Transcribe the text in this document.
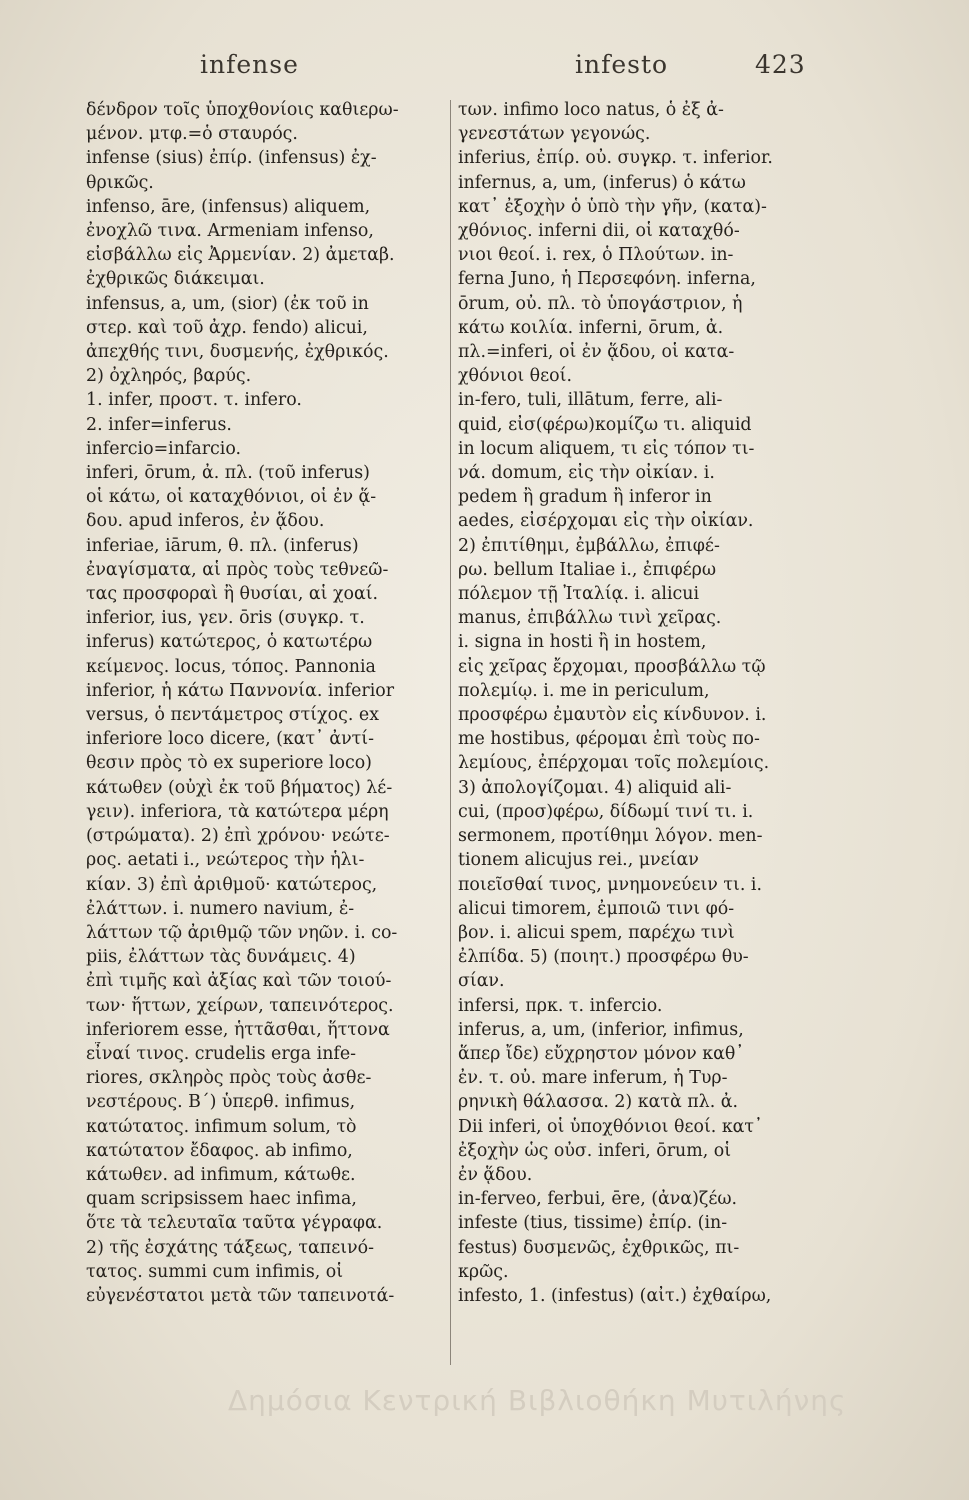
infense	infesto	423
δένδρον τοῖς ὑποχθονίοις καθιερω-
μένον. μτφ.=ὁ σταυρός.
infense (sius) ἐπίρ. (infensus) ἐχ-
θρικῶς.
infenso, āre, (infensus) aliquem,
ἐνοχλῶ τινα. Armeniam infenso,
εἰσβάλλω εἰς Ἀρμενίαν. 2) ἀμεταβ.
ἐχθρικῶς διάκειμαι.
infensus, a, um, (sior) (ἐκ τοῦ in
στερ. καὶ τοῦ ἀχρ. fendo) alicui,
ἀπεχθής τινι, δυσμενής, ἐχθρικός.
2) ὀχληρός, βαρύς.
1. infer, προστ. τ. infero.
2. infer=inferus.
infercio=infarcio.
inferi, ōrum, ἀ. πλ. (τοῦ inferus)
οἱ κάτω, οἱ καταχθόνιοι, οἱ ἐν ᾅ-
δου. apud inferos, ἐν ᾅδου.
inferiae, iārum, θ. πλ. (inferus)
ἐναγίσματα, αἱ πρὸς τοὺς τεθνεῶ-
τας προσφοραὶ ἢ θυσίαι, αἱ χοαί.
inferior, ius, γεν. ōris (συγκρ. τ.
inferus) κατώτερος, ὁ κατωτέρω
κείμενος. locus, τόπος. Pannonia
inferior, ἡ κάτω Παννονία. inferior
versus, ὁ πεντάμετρος στίχος. ex
inferiore loco dicere, (κατ᾽ ἀντί-
θεσιν πρὸς τὸ ex superiore loco)
κάτωθεν (οὐχὶ ἐκ τοῦ βήματος) λέ-
γειν). inferiora, τὰ κατώτερα μέρη
(στρώματα). 2) ἐπὶ χρόνου· νεώτε-
ρος. aetati i., νεώτερος τὴν ἡλι-
κίαν. 3) ἐπὶ ἀριθμοῦ· κατώτερος,
ἐλάττων. i. numero navium, ἐ-
λάττων τῷ ἀριθμῷ τῶν νηῶν. i. co-
piis, ἐλάττων τὰς δυνάμεις. 4)
ἐπὶ τιμῆς καὶ ἀξίας καὶ τῶν τοιού-
των· ἥττων, χείρων, ταπεινότερος.
inferiorem esse, ἡττᾶσθαι, ἥττονα
εἶναί τινος. crudelis erga infe-
riores, σκληρὸς πρὸς τοὺς ἀσθε-
νεστέρους. Β΄) ὑπερθ. infimus,
κατώτατος. infimum solum, τὸ
κατώτατον ἔδαφος. ab infimo,
κάτωθεν. ad infimum, κάτωθε.
quam scripsissem haec infima,
ὅτε τὰ τελευταῖα ταῦτα γέγραφα.
2) τῆς ἐσχάτης τάξεως, ταπεινό-
τατος. summi cum infimis, οἱ
εὐγενέστατοι μετὰ τῶν ταπεινοτά-
των. infimo loco natus, ὁ ἐξ ἀ-
γενεστάτων γεγονώς.
inferius, ἐπίρ. οὐ. συγκρ. τ. inferior.
infernus, a, um, (inferus) ὁ κάτω
κατ᾽ ἐξοχὴν ὁ ὑπὸ τὴν γῆν, (κατα)-
χθόνιος. inferni dii, οἱ καταχθό-
νιοι θεοί. i. rex, ὁ Πλούτων. in-
ferna Juno, ἡ Περσεφόνη. inferna,
ōrum, οὐ. πλ. τὸ ὑπογάστριον, ἡ
κάτω κοιλία. inferni, ōrum, ἀ.
πλ.=inferi, οἱ ἐν ᾅδου, οἱ κατα-
χθόνιοι θεοί.
in-fero, tuli, illātum, ferre, ali-
quid, εἰσ(φέρω)κομίζω τι. aliquid
in locum aliquem, τι εἰς τόπον τι-
νά. domum, εἰς τὴν οἰκίαν. i.
pedem ἢ gradum ἢ inferor in
aedes, εἰσέρχομαι εἰς τὴν οἰκίαν.
2) ἐπιτίθημι, ἐμβάλλω, ἐπιφέ-
ρω. bellum Italiae i., ἐπιφέρω
πόλεμον τῇ Ἰταλίᾳ. i. alicui
manus, ἐπιβάλλω τινὶ χεῖρας.
i. signa in hosti ἢ in hostem,
εἰς χεῖρας ἔρχομαι, προσβάλλω τῷ
πολεμίῳ. i. me in periculum,
προσφέρω ἐμαυτὸν εἰς κίνδυνον. i.
me hostibus, φέρομαι ἐπὶ τοὺς πο-
λεμίους, ἐπέρχομαι τοῖς πολεμίοις.
3) ἀπολογίζομαι. 4) aliquid ali-
cui, (προσ)φέρω, δίδωμί τινί τι. i.
sermonem, προτίθημι λόγον. men-
tionem alicujus rei., μνείαν
ποιεῖσθαί τινος, μνημονεύειν τι. i.
alicui timorem, ἐμποιῶ τινι φό-
βον. i. alicui spem, παρέχω τινὶ
ἐλπίδα. 5) (ποιητ.) προσφέρω θυ-
σίαν.
infersi, πρκ. τ. infercio.
inferus, a, um, (inferior, infimus,
ἅπερ ἴδε) εὔχρηστον μόνον καθ᾽
ἐν. τ. οὐ. mare inferum, ἡ Τυρ-
ρηνικὴ θάλασσα. 2) κατὰ πλ. ἀ.
Dii inferi, οἱ ὑποχθόνιοι θεοί. κατ᾽
ἐξοχὴν ὡς οὐσ. inferi, ōrum, οἱ
ἐν ᾅδου.
in-ferveo, ferbui, ēre, (ἀνα)ζέω.
infeste (tius, tissime) ἐπίρ. (in-
festus) δυσμενῶς, ἐχθρικῶς, πι-
κρῶς.
infesto, 1. (infestus) (αἰτ.) ἐχθαίρω,
Δημόσια Κεντρική Βιβλιοθήκη Μυτιλήνης
